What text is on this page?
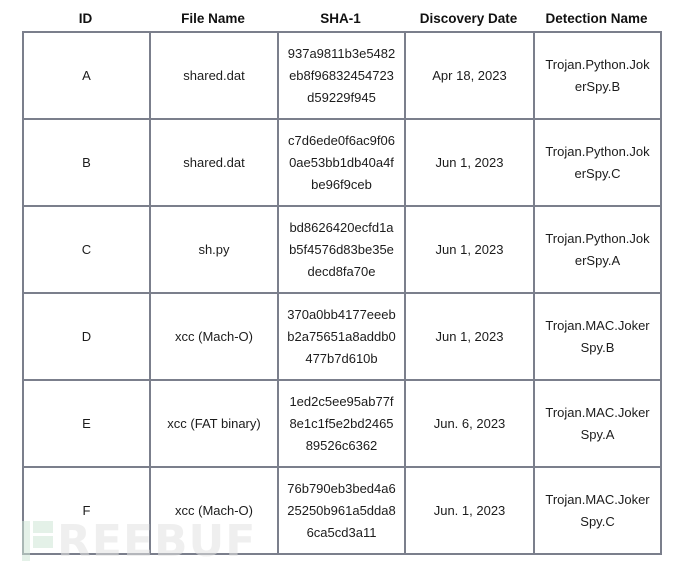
ID	File Name	SHA-1	Discovery Date	Detection Name
A	shared.dat	937a9811b3e5482
eb8f96832454723
d59229f945	Apr 18, 2023	Trojan.Python.Jok
erSpy.B

B	shared.dat	c7d6ede0f6ac9f06
0ae53bb1db40a4f
be96f9ceb	Jun 1, 2023	Trojan.Python.Jok
erSpy.C

C	sh.py	bd8626420ecfd1a
b5f4576d83be35e
decd8fa70e	Jun 1, 2023	Trojan.Python.Jok
erSpy.A

D	xcc (Mach-O)	370a0bb4177eeeb
b2a75651a8addb0
477b7d610b	Jun 1, 2023	Trojan.MAC.Joker
Spy.B

E	xcc (FAT binary)	1ed2c5ee95ab77f
8e1c1f5e2bd2465
89526c6362	Jun. 6, 2023	Trojan.MAC.Joker
Spy.A

F	xcc (Mach-O)	76b790eb3bed4a6
25250b961a5dda8
6ca5cd3a11	Jun. 1, 2023	Trojan.MAC.Joker
Spy.C
REEBUF
